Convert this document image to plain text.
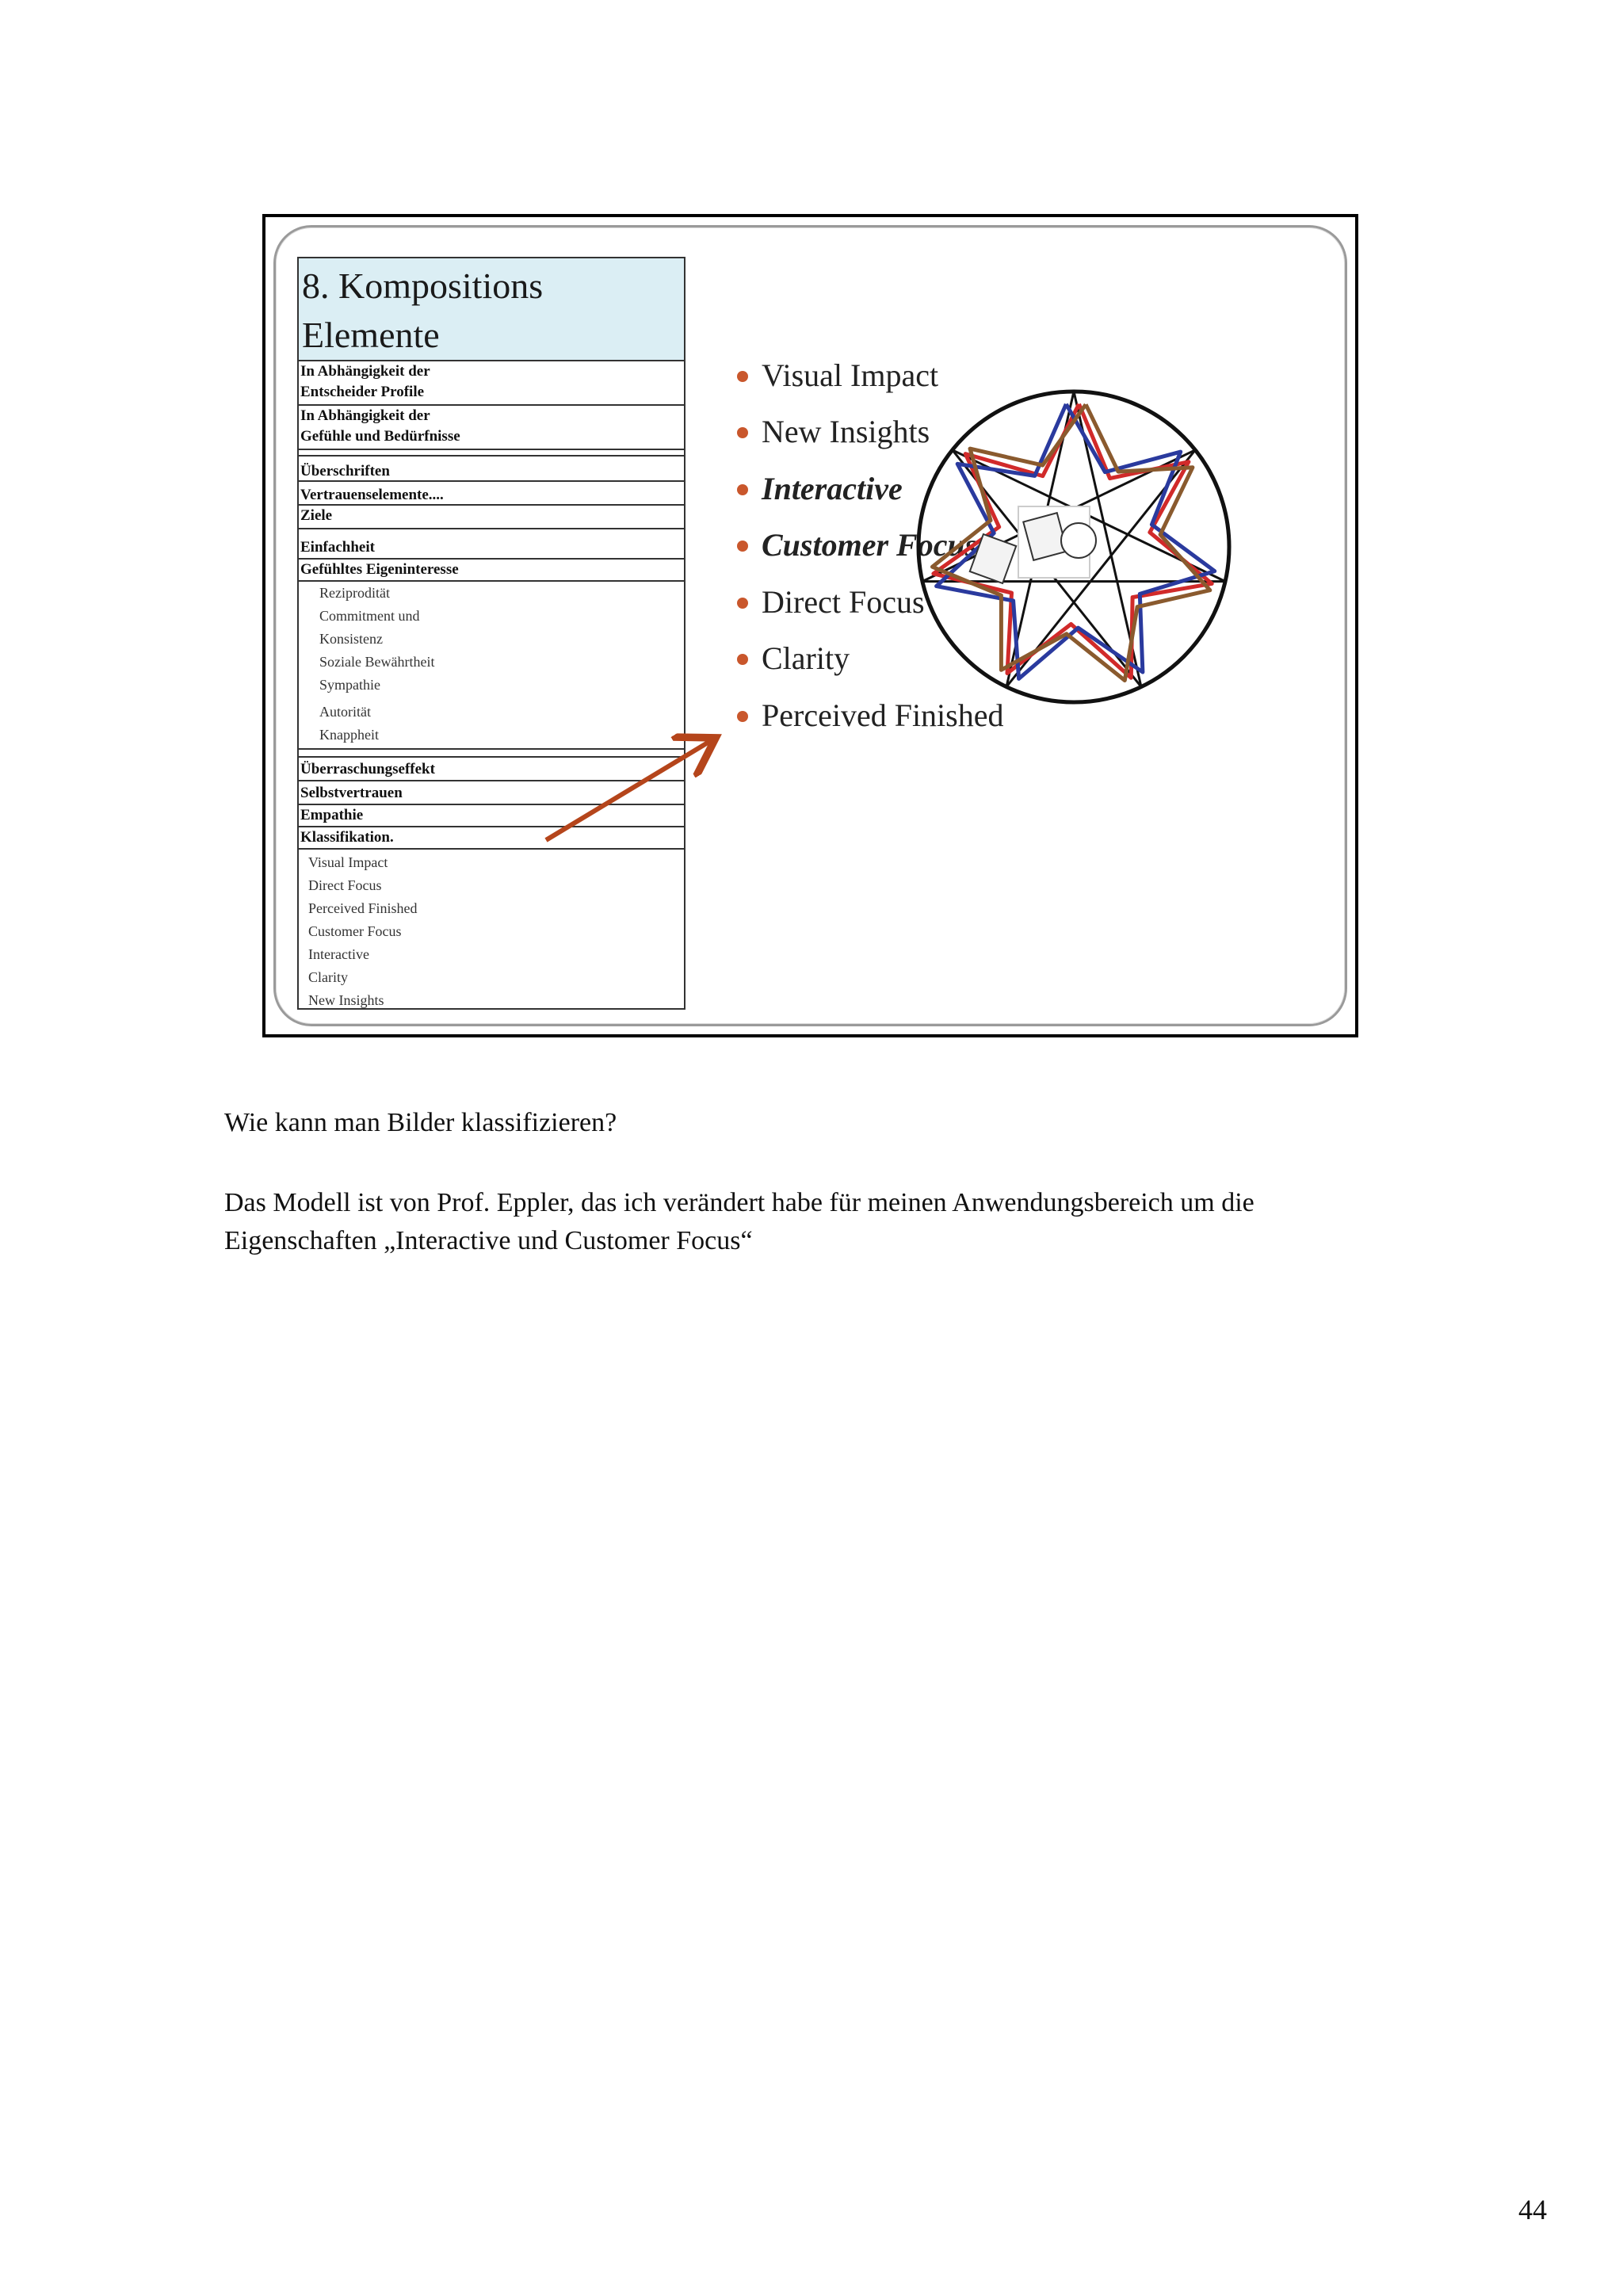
8. Kompositions
Elemente
In Abhängigkeit der
Entscheider Profile
In Abhängigkeit der
Gefühle und Bedürfnisse
Überschriften
Vertrauenselemente....
Ziele
Einfachheit
Gefühltes Eigeninteresse
Reziprodität
Commitment und
Konsistenz
Soziale Bewährtheit
Sympathie
Autorität
Knappheit
Überraschungseffekt
Selbstvertrauen
Empathie
Klassifikation.
Visual Impact
Direct Focus
Perceived Finished
Customer Focus
Interactive
Clarity
New Insights
Visual Impact
New Insights
Interactive
Customer Focus
Direct Focus
Clarity
Perceived Finished
Wie kann man Bilder klassifizieren?
Das Modell ist von Prof. Eppler, das ich verändert habe für meinen Anwendungsbereich um die
Eigenschaften „Interactive und Customer Focus“
44
